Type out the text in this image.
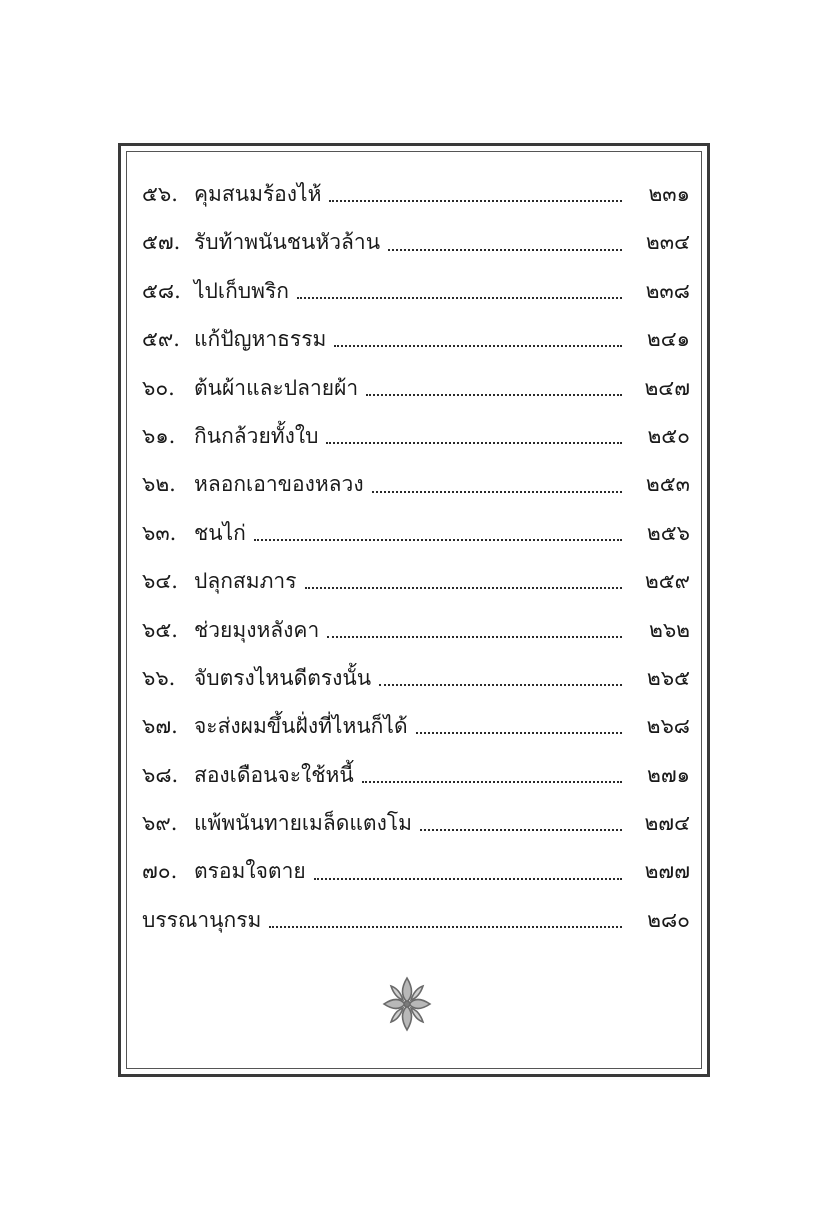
๕๖. คุมสนมร้องไห้	๒๓๑
๕๗. รับท้าพนันชนหัวล้าน	๒๓๔
๕๘. ไปเก็บพริก	๒๓๘
๕๙. แก้ปัญหาธรรม	๒๔๑
๖๐. ต้นผ้าและปลายผ้า	๒๔๗
๖๑. กินกล้วยทั้งใบ	๒๕๐
๖๒. หลอกเอาของหลวง	๒๕๓
๖๓. ชนไก่	๒๕๖
๖๔. ปลุกสมภาร	๒๕๙
๖๕. ช่วยมุงหลังคา	๒๖๒
๖๖. จับตรงไหนดีตรงนั้น	๒๖๕
๖๗. จะส่งผมขึ้นฝั่งที่ไหนก็ได้	๒๖๘
๖๘. สองเดือนจะใช้หนี้	๒๗๑
๖๙. แพ้พนันทายเมล็ดแตงโม	๒๗๔
๗๐. ตรอมใจตาย	๒๗๗
บรรณานุกรม	๒๘๐
